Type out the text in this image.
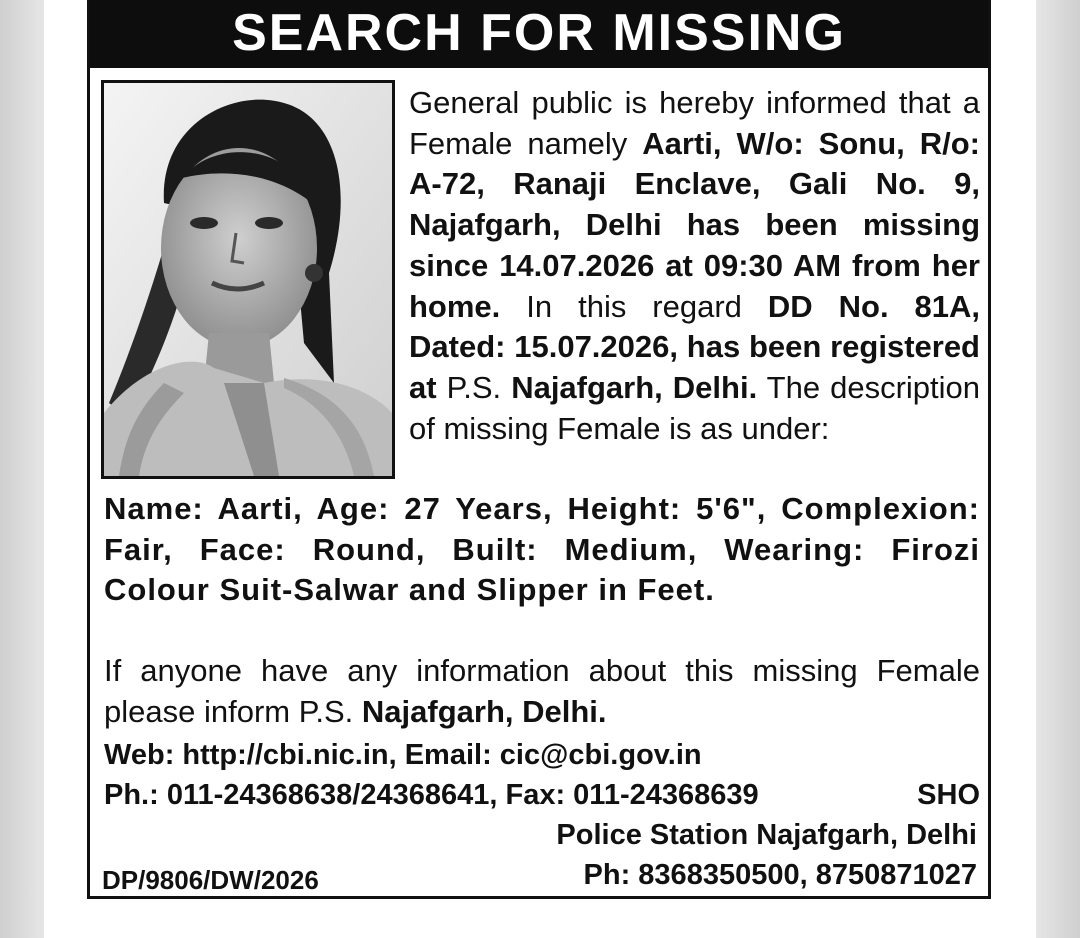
SEARCH FOR MISSING
General public is hereby informed that a Female namely Aarti, W/o: Sonu, R/o: A-72, Ranaji Enclave, Gali No. 9, Najafgarh, Delhi has been missing since 14.07.2026 at 09:30 AM from her home. In this regard DD No. 81A, Dated: 15.07.2026, has been registered at P.S. Najafgarh, Delhi. The description of missing Female is as under:
Name: Aarti, Age: 27 Years, Height: 5'6", Complexion: Fair, Face: Round, Built: Medium, Wearing: Firozi Colour Suit-Salwar and Slipper in Feet.
If anyone have any information about this missing Female please inform P.S. Najafgarh, Delhi.
Web: http://cbi.nic.in, Email: cic@cbi.gov.in
Ph.: 011-24368638/24368641, Fax: 011-24368639	SHO
Police Station Najafgarh, Delhi
Ph: 8368350500, 8750871027
DP/9806/DW/2026
